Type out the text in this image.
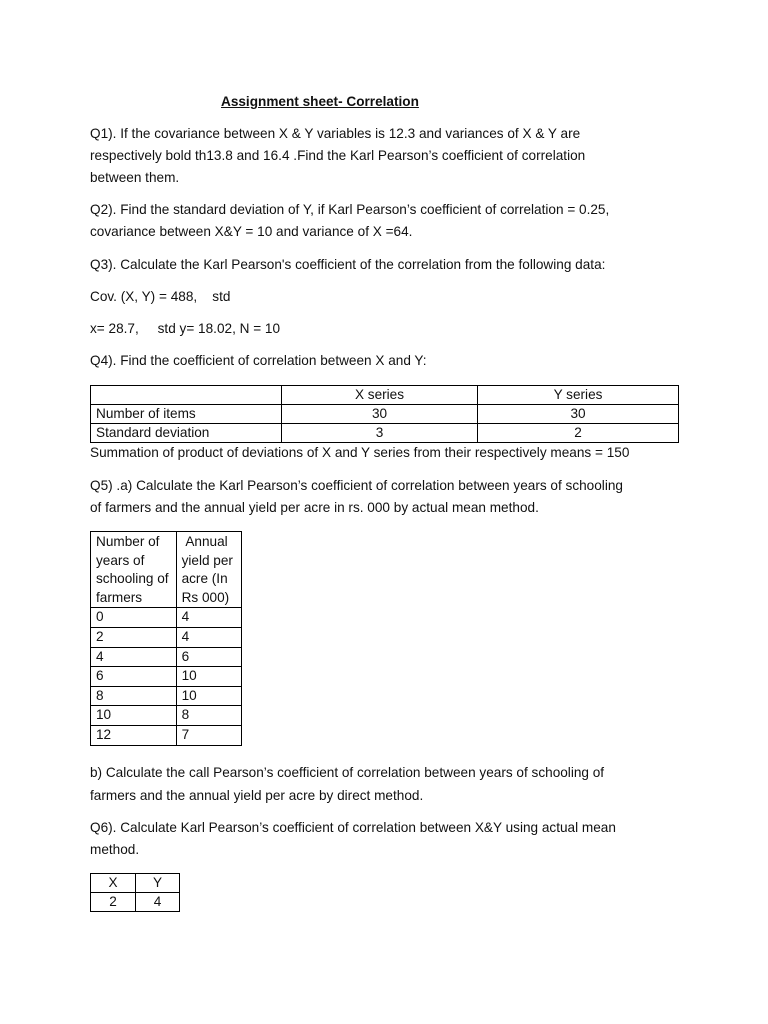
Assignment sheet- Correlation
Q1). If the covariance between X & Y variables is 12.3 and variances of X & Y are
respectively bold th13.8 and 16.4 .Find the Karl Pearson’s coefficient of correlation
between them.
Q2). Find the standard deviation of Y, if Karl Pearson’s coefficient of correlation = 0.25,
covariance between X&Y = 10 and variance of X =64.
Q3). Calculate the Karl Pearson's coefficient of the correlation from the following data:
Cov. (X, Y) = 488,    std
x= 28.7,     std y= 18.02, N = 10
Q4). Find the coefficient of correlation between X and Y:
	X series	Y series
Number of items	30	30
Standard deviation	3	2
Summation of product of deviations of X and Y series from their respectively means = 150
Q5) .a) Calculate the Karl Pearson’s coefficient of correlation between years of schooling
of farmers and the annual yield per acre in rs. 000 by actual mean method.
Number of years of schooling of farmers	Annual yield per acre (In Rs 000)
0	4
2	4
4	6
6	10
8	10
10	8
12	7
b) Calculate the call Pearson’s coefficient of correlation between years of schooling of
farmers and the annual yield per acre by direct method.
Q6). Calculate Karl Pearson’s coefficient of correlation between X&Y using actual mean
method.
X	Y
2	4
